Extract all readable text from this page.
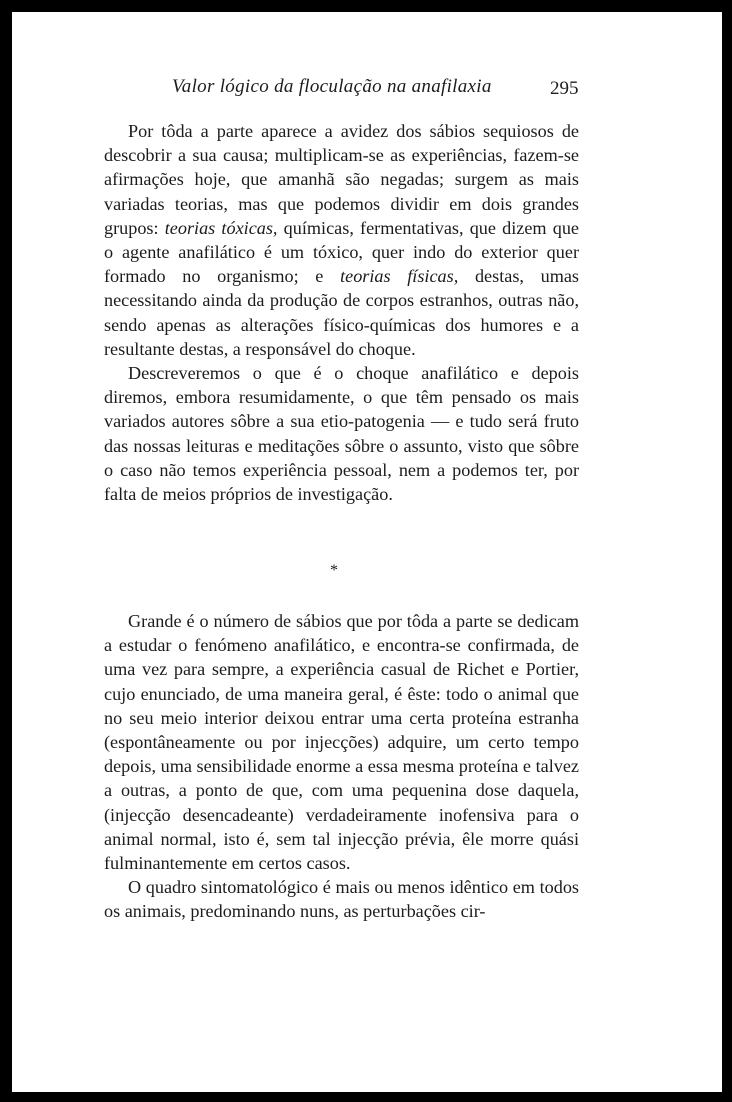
Valor lógico da floculação na anafilaxia	295

Por tôda a parte aparece a avidez dos sábios sequiosos de descobrir a sua causa; multiplicam-se as experiências, fazem-se afirmações hoje, que amanhã são negadas; surgem as mais variadas teorias, mas que podemos dividir em dois grandes grupos: teorias tóxicas, químicas, fermentativas, que dizem que o agente anafilático é um tóxico, quer indo do exterior quer formado no organismo; e teorias físicas, destas, umas necessitando ainda da produção de corpos estranhos, outras não, sendo apenas as alterações físico-químicas dos humores e a resultante destas, a responsável do choque.

Descreveremos o que é o choque anafilático e depois diremos, embora resumidamente, o que têm pensado os mais variados autores sôbre a sua etio-patogenia — e tudo será fruto das nossas leituras e meditações sôbre o assunto, visto que sôbre o caso não temos experiência pessoal, nem a podemos ter, por falta de meios próprios de investigação.

*

Grande é o número de sábios que por tôda a parte se dedicam a estudar o fenómeno anafilático, e encontra-se confirmada, de uma vez para sempre, a experiência casual de Richet e Portier, cujo enunciado, de uma maneira geral, é êste: todo o animal que no seu meio interior deixou entrar uma certa proteína estranha (espontâneamente ou por injecções) adquire, um certo tempo depois, uma sensibilidade enorme a essa mesma proteína e talvez a outras, a ponto de que, com uma pequenina dose daquela, (injecção desencadeante) verdadeiramente inofensiva para o animal normal, isto é, sem tal injecção prévia, êle morre quási fulminantemente em certos casos.

O quadro sintomatológico é mais ou menos idêntico em todos os animais, predominando nuns, as perturbações cir-
